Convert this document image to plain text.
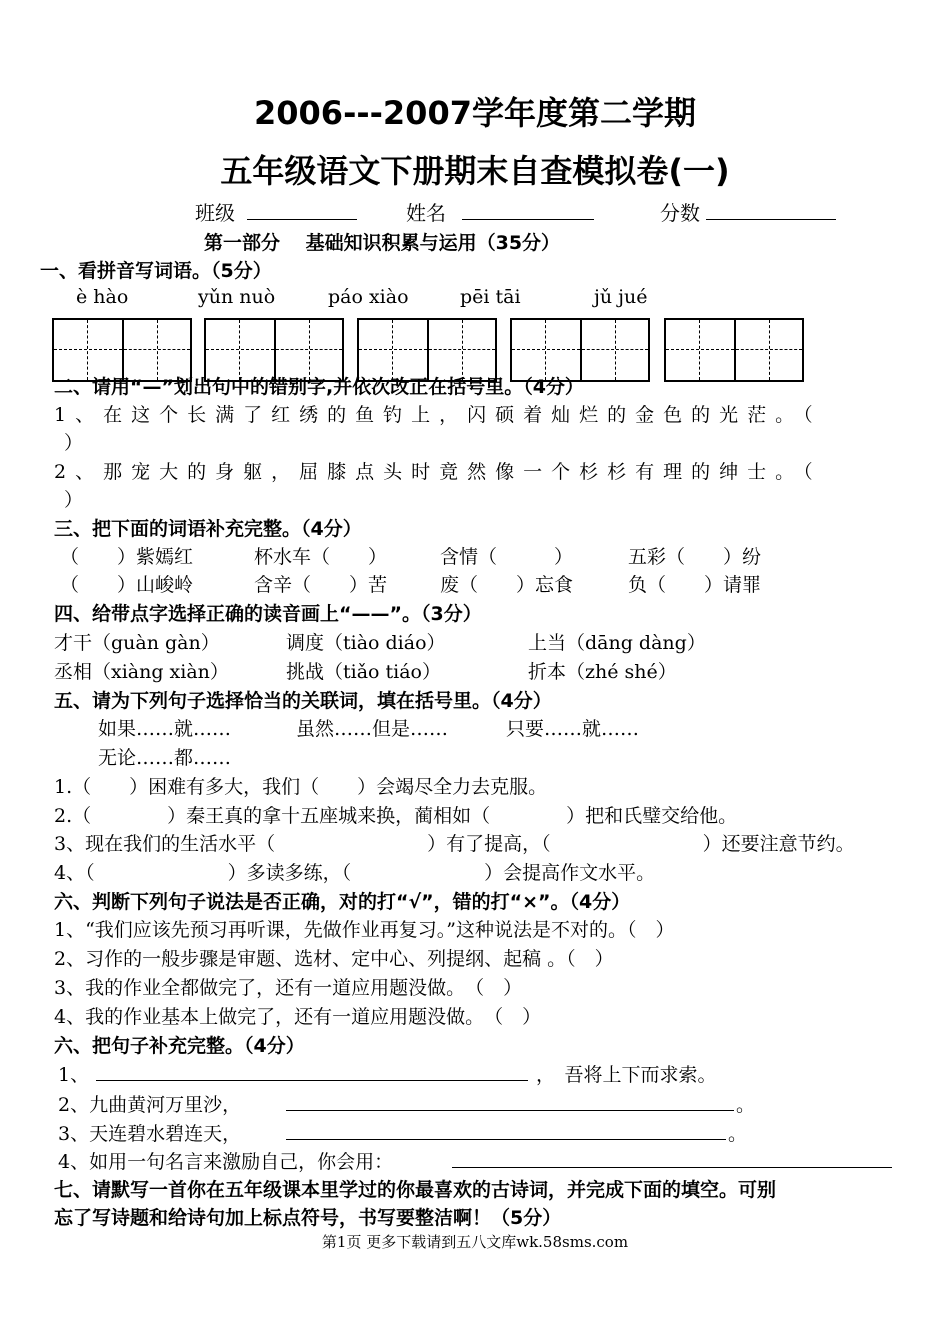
2006---2007学年度第二学期
五年级语文下册期末自查模拟卷(一)
班级	姓名	分数
第一部分　 基础知识积累与运用（35分）
一、看拼音写词语。（5分）
è hào	yǔn nuò	páo xiào	pēi tāi	jǔ jué
二、请用“—”划出句中的错别字,并依次改正在括号里。（4分）
1、在这个长满了红绣的鱼钓上，闪硕着灿烂的金色的光茫。（
）
2、那宠大的身躯，屈膝点头时竟然像一个杉杉有理的绅士。（
）
三、把下面的词语补充完整。（4分）
（　　）紫嫣红	杯水车（　　）	含情（　　　）	五彩（　　）纷
（　　）山峻岭	含辛（　　）苦	废（　　）忘食	负（　　）请罪
四、给带点字选择正确的读音画上“——”。（3分）
才干（guàn gàn）	调度（tiào diáo）	上当（dāng dàng）
丞相（xiàng xiàn）	挑战（tiǎo tiáo）	折本（zhé shé）
五、请为下列句子选择恰当的关联词，填在括号里。（4分）
如果……就……	虽然……但是……	只要……就……
无论……都……
1.（　　）困难有多大，我们（　　）会竭尽全力去克服。
2.（　　　　）秦王真的拿十五座城来换，蔺相如（　　　　）把和氏璧交给他。
3、现在我们的生活水平（　　　　　　　　）有了提高，（　　　　　　　　）还要注意节约。
4、（　　　　　　　）多读多练，（　　　　　　　）会提高作文水平。
六、判断下列句子说法是否正确，对的打“√”，错的打“×”。（4分）
1、“我们应该先预习再听课，先做作业再复习。”这种说法是不对的。（　）
2、习作的一般步骤是审题、选材、定中心、列提纲、起稿 。（　）
3、我的作业全都做完了，还有一道应用题没做。　（　）
4、我的作业基本上做完了，还有一道应用题没做。　（　）
六、把句子补充完整。（4分）
1、	，　吾将上下而求索。
2、九曲黄河万里沙，	。
3、天连碧水碧连天，	。
4、如用一句名言来激励自己，你会用：
七、请默写一首你在五年级课本里学过的你最喜欢的古诗词，并完成下面的填空。可别
忘了写诗题和给诗句加上标点符号，书写要整洁啊！（5分）
第1页 更多下载请到五八文库wk.58sms.com
